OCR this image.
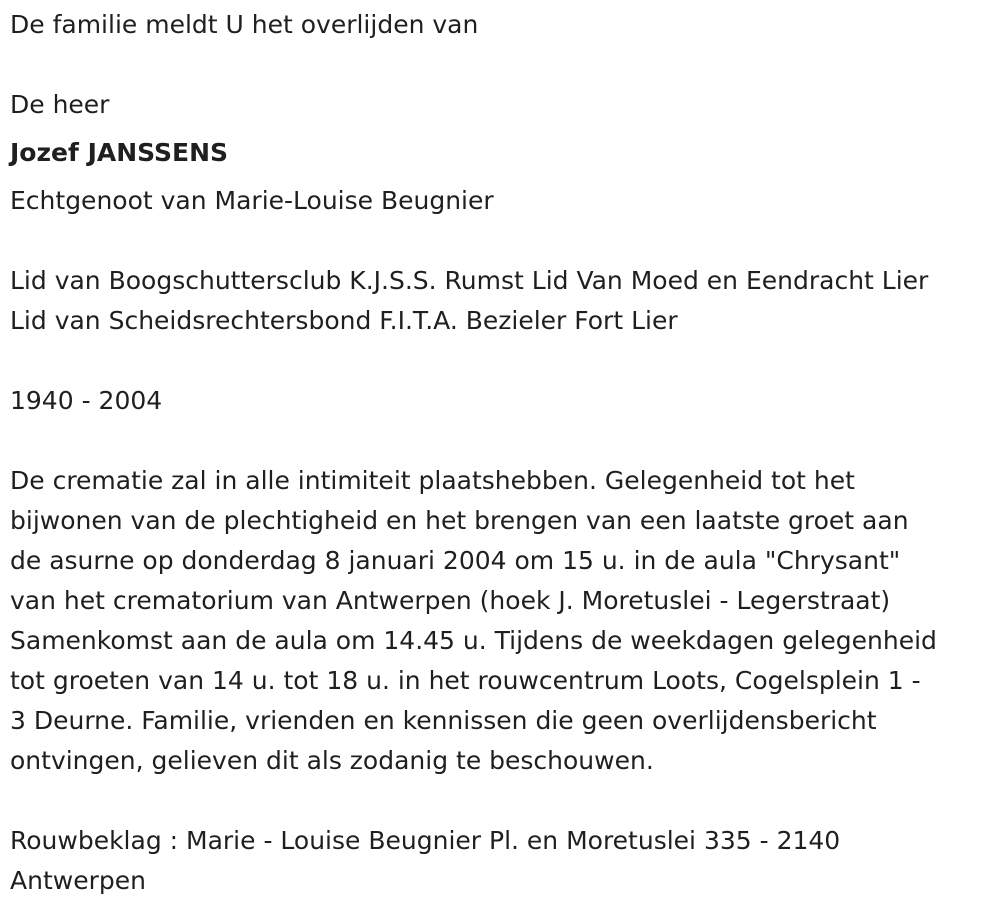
De familie meldt U het overlijden van
De heer
Jozef JANSSENS
Echtgenoot van Marie-Louise Beugnier
Lid van Boogschuttersclub K.J.S.S. Rumst Lid Van Moed en Eendracht Lier
Lid van Scheidsrechtersbond F.I.T.A. Bezieler Fort Lier
1940 - 2004
De crematie zal in alle intimiteit plaatshebben. Gelegenheid tot het
bijwonen van de plechtigheid en het brengen van een laatste groet aan
de asurne op donderdag 8 januari 2004 om 15 u. in de aula "Chrysant"
van het crematorium van Antwerpen (hoek J. Moretuslei - Legerstraat)
Samenkomst aan de aula om 14.45 u. Tijdens de weekdagen gelegenheid
tot groeten van 14 u. tot 18 u. in het rouwcentrum Loots, Cogelsplein 1 -
3 Deurne. Familie, vrienden en kennissen die geen overlijdensbericht
ontvingen, gelieven dit als zodanig te beschouwen.
Rouwbeklag : Marie - Louise Beugnier Pl. en Moretuslei 335 - 2140
Antwerpen
